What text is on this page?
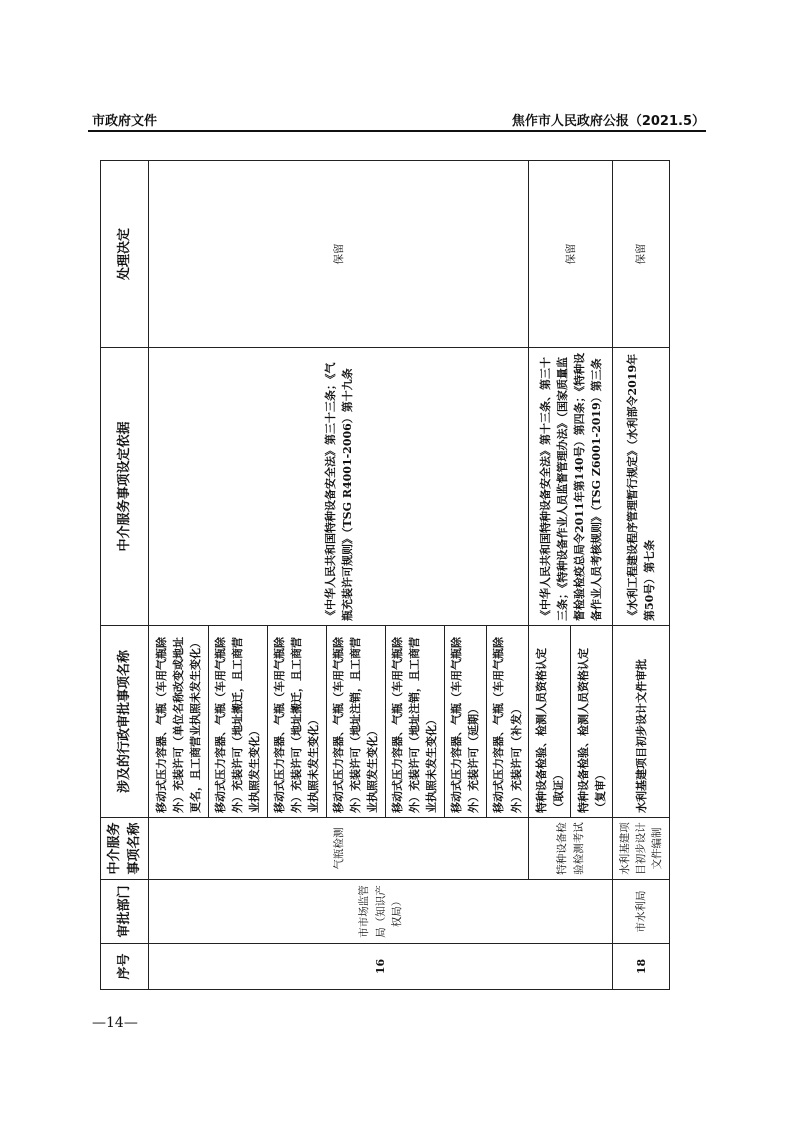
市政府文件	焦作市人民政府公报（2021.5）
序号	审批部门	中介服务事项名称	涉及的行政审批事项名称	中介服务事项设定依据	处理决定
16	市市场监管局（知识产权局）	气瓶检测	移动式压力容器、气瓶（车用气瓶除外）充装许可（单位名称改变或地址更名，且工商营业执照未发生变化）	《中华人民共和国特种设备安全法》第三十三条；《气瓶充装许可规则》（TSG R4001-2006）第十九条	保留
			移动式压力容器、气瓶（车用气瓶除外）充装许可（地址搬迁，且工商营业执照发生变化）		
			移动式压力容器、气瓶（车用气瓶除外）充装许可（地址搬迁，且工商营业执照未发生变化）		
			移动式压力容器、气瓶（车用气瓶除外）充装许可（地址注销，且工商营业执照发生变化）		
			移动式压力容器、气瓶（车用气瓶除外）充装许可（地址注销，且工商营业执照未发生变化）		
			移动式压力容器、气瓶（车用气瓶除外）充装许可（延期）		
			移动式压力容器、气瓶（车用气瓶除外）充装许可（补发）		
		特种设备检验检测考试	特种设备检验、检测人员资格认定（取证）	《中华人民共和国特种设备安全法》第十三条、第三十三条；《特种设备作业人员监督管理办法》（国家质量监督检验检疫总局令2011年第140号）第四条；《特种设备作业人员考核规则》（TSG Z6001-2019）第三条	保留
			特种设备检验、检测人员资格认定（复审）		
18	市水利局	水利基建项目初步设计文件编制	水利基建项目初步设计文件审批	《水利工程建设程序管理暂行规定》（水利部令2019年第50号）第七条	保留
—14—
